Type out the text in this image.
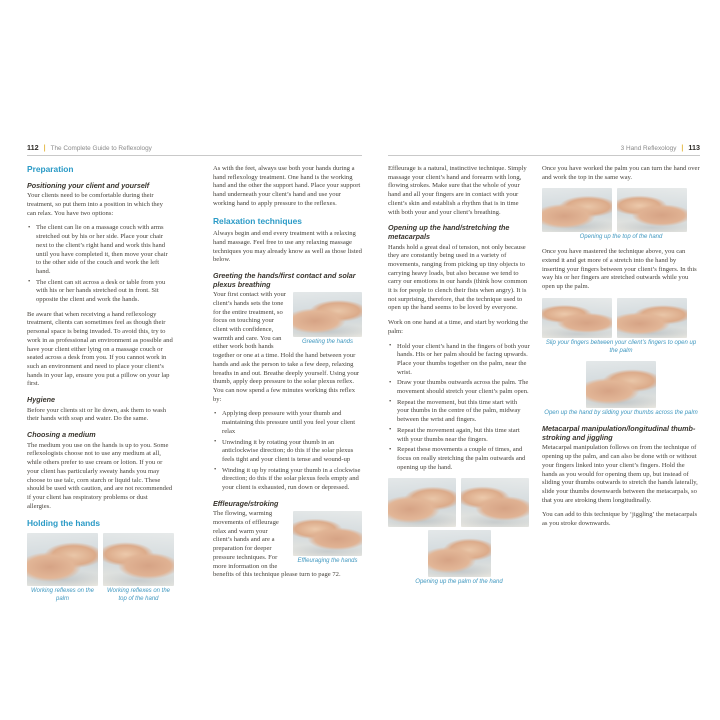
112 | The Complete Guide to Reflexology
Preparation
Positioning your client and yourself

Your clients need to be comfortable during their treatment, so put them into a position in which they can relax. You have two options:

• The client can lie on a massage couch with arms stretched out by his or her side. Place your chair next to the client’s right hand and work this hand until you have completed it, then move your chair to the other side of the couch and work the left hand.
• The client can sit across a desk or table from you with his or her hands stretched out in front. Sit opposite the client and work the hands.

Be aware that when receiving a hand reflexology treatment, clients can sometimes feel as though their personal space is being invaded. To avoid this, try to work in as professional an environment as possible and have your client either lying on a massage couch or seated across a desk from you. If you cannot work in such an environment and need to place your client’s hands in your lap, ensure you put a pillow on your lap first.

Hygiene

Before your clients sit or lie down, ask them to wash their hands with soap and water. Do the same.

Choosing a medium

The medium you use on the hands is up to you. Some reflexologists choose not to use any medium at all, while others prefer to use cream or lotion. If you or your client has particularly sweaty hands you may choose to use talc, corn starch or liquid talc. These should be used with caution, and are not recommended if your client has respiratory problems or dust allergies.

Holding the hands
Working reflexes on the palm
Working reflexes on the top of the hand

As with the feet, always use both your hands during a hand reflexology treatment. One hand is the working hand and the other the support hand. Place your support hand underneath your client’s hand and use your working hand to apply pressure to the reflexes.

Relaxation techniques

Always begin and end every treatment with a relaxing hand massage. Feel free to use any relaxing massage techniques you may already know as well as those listed below.

Greeting the hands/first contact and solar plexus breathing
Greeting the hands

Your first contact with your client’s hands sets the tone for the entire treatment, so focus on touching your client with confidence, warmth and care. You can either work both hands together or one at a time. Hold the hand between your hands and ask the person to take a few deep, relaxing breaths in and out. Breathe deeply yourself. Using your thumb, apply deep pressure to the solar plexus reflex. You can now spend a few minutes working this reflex by:

• Applying deep pressure with your thumb and maintaining this pressure until you feel your client relax
• Unwinding it by rotating your thumb in an anticlockwise direction; do this if the solar plexus feels tight and your client is tense and wound-up
• Winding it up by rotating your thumb in a clockwise direction; do this if the solar plexus feels empty and your client is exhausted, run down or depressed.
Effleurage/stroking
Effleuraging the hands

The flowing, warming movements of effleurage relax and warm your client’s hands and are a preparation for deeper pressure techniques. For more information on the benefits of this technique please turn to page 72.

3 Hand Reflexology | 113

Effleurage is a natural, instinctive technique. Simply massage your client’s hand and forearm with long, flowing strokes. Make sure that the whole of your hand and all your fingers are in contact with your client’s skin and establish a rhythm that is in time with both your and your client’s breathing.

Opening up the hand/stretching the metacarpals

Hands hold a great deal of tension, not only because they are constantly being used in a variety of movements, ranging from picking up tiny objects to carrying heavy loads, but also because we tend to carry our emotions in our hands (think how common it is for people to clench their fists when angry). It is not surprising, therefore, that the technique used to open up the hand seems to be loved by everyone.

Work on one hand at a time, and start by working the palm:

• Hold your client’s hand in the fingers of both your hands. His or her palm should be facing upwards. Place your thumbs together on the palm, near the wrist.
• Draw your thumbs outwards across the palm. The movement should stretch your client’s palm open.
• Repeat the movement, but this time start with your thumbs in the centre of the palm, midway between the wrist and fingers.
• Repeat the movement again, but this time start with your thumbs near the fingers.
• Repeat these movements a couple of times, and focus on really stretching the palm outwards and opening up the hand.
Opening up the palm of the hand

Once you have worked the palm you can turn the hand over and work the top in the same way.

Opening up the top of the hand

Once you have mastered the technique above, you can extend it and get more of a stretch into the hand by inserting your fingers between your client’s fingers. In this way his or her fingers are stretched outwards while you open up the palm.

Slip your fingers between your client’s fingers to open up the palm
Open up the hand by sliding your thumbs across the palm
Metacarpal manipulation/longitudinal thumb-stroking and jiggling

Metacarpal manipulation follows on from the technique of opening up the palm, and can also be done with or without your fingers linked into your client’s fingers. Hold the hands as you would for opening them up, but instead of sliding your thumbs outwards to stretch the hands laterally, slide your thumbs downwards between the metacarpals, so that you are stroking them longitudinally.

You can add to this technique by ‘jiggling’ the metacarpals as you stroke downwards.
